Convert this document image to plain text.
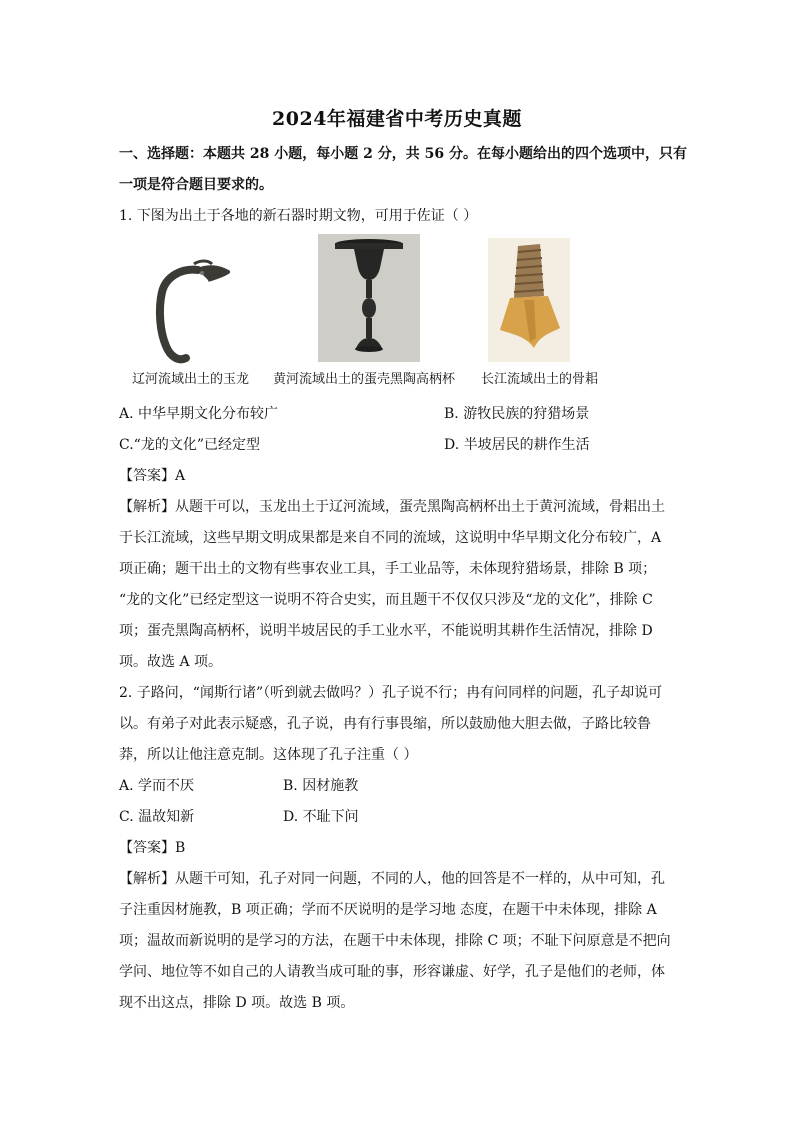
2024年福建省中考历史真题
一、选择题：本题共 28 小题，每小题 2 分，共 56 分。在每小题给出的四个选项中，只有
一项是符合题目要求的。
1. 下图为出土于各地的新石器时期文物，可用于佐证（ ）
辽河流域出土的玉龙 黄河流域出土的蛋壳黑陶高柄杯 长江流域出土的骨耜
A. 中华早期文化分布较广	B. 游牧民族的狩猎场景
C.“龙的文化”已经定型	D. 半坡居民的耕作生活
【答案】A
【解析】从题干可以，玉龙出土于辽河流域，蛋壳黑陶高柄杯出土于黄河流域，骨耜出土
于长江流域，这些早期文明成果都是来自不同的流域，这说明中华早期文化分布较广，A
项正确；题干出土的文物有些事农业工具，手工业品等，未体现狩猎场景，排除 B 项；
“龙的文化”已经定型这一说明不符合史实，而且题干不仅仅只涉及“龙的文化”，排除 C
项；蛋壳黑陶高柄杯，说明半坡居民的手工业水平，不能说明其耕作生活情况，排除 D
项。故选 A 项。
2. 子路问，“闻斯行诸”（听到就去做吗？）孔子说不行；冉有问同样的问题，孔子却说可
以。有弟子对此表示疑惑，孔子说，冉有行事畏缩，所以鼓励他大胆去做，子路比较鲁
莽，所以让他注意克制。这体现了孔子注重（ ）
A. 学而不厌	B. 因材施教
C. 温故知新	D. 不耻下问
【答案】B
【解析】从题干可知，孔子对同一问题，不同的人，他的回答是不一样的，从中可知，孔
子注重因材施教，B 项正确；学而不厌说明的是学习地 态度，在题干中未体现，排除 A
项；温故而新说明的是学习的方法，在题干中未体现，排除 C 项；不耻下问原意是不把向
学问、地位等不如自己的人请教当成可耻的事，形容谦虚、好学，孔子是他们的老师，体
现不出这点，排除 D 项。故选 B 项。
